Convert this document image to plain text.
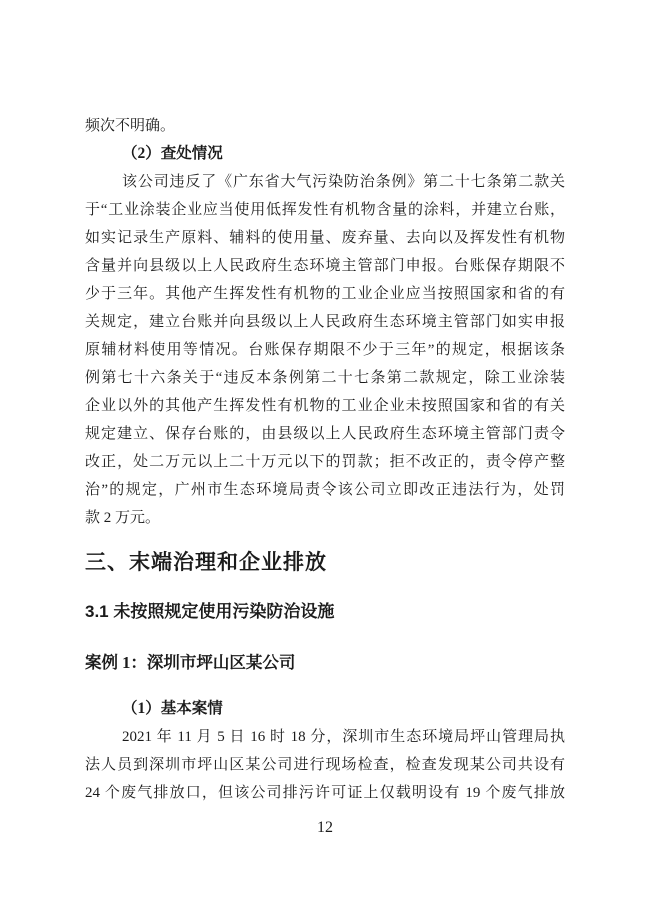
频次不明确。
（2）查处情况
该公司违反了《广东省大气污染防治条例》第二十七条第二款关
于“工业涂装企业应当使用低挥发性有机物含量的涂料，并建立台账，
如实记录生产原料、辅料的使用量、废弃量、去向以及挥发性有机物
含量并向县级以上人民政府生态环境主管部门申报。台账保存期限不
少于三年。其他产生挥发性有机物的工业企业应当按照国家和省的有
关规定，建立台账并向县级以上人民政府生态环境主管部门如实申报
原辅材料使用等情况。台账保存期限不少于三年”的规定，根据该条
例第七十六条关于“违反本条例第二十七条第二款规定，除工业涂装
企业以外的其他产生挥发性有机物的工业企业未按照国家和省的有关
规定建立、保存台账的，由县级以上人民政府生态环境主管部门责令
改正，处二万元以上二十万元以下的罚款；拒不改正的，责令停产整
治”的规定，广州市生态环境局责令该公司立即改正违法行为，处罚
款 2 万元。
三、末端治理和企业排放
3.1 未按照规定使用污染防治设施
案例 1：深圳市坪山区某公司
（1）基本案情
2021 年 11 月 5 日 16 时 18 分，深圳市生态环境局坪山管理局执
法人员到深圳市坪山区某公司进行现场检查，检查发现某公司共设有
24 个废气排放口，但该公司排污许可证上仅载明设有 19 个废气排放
12
